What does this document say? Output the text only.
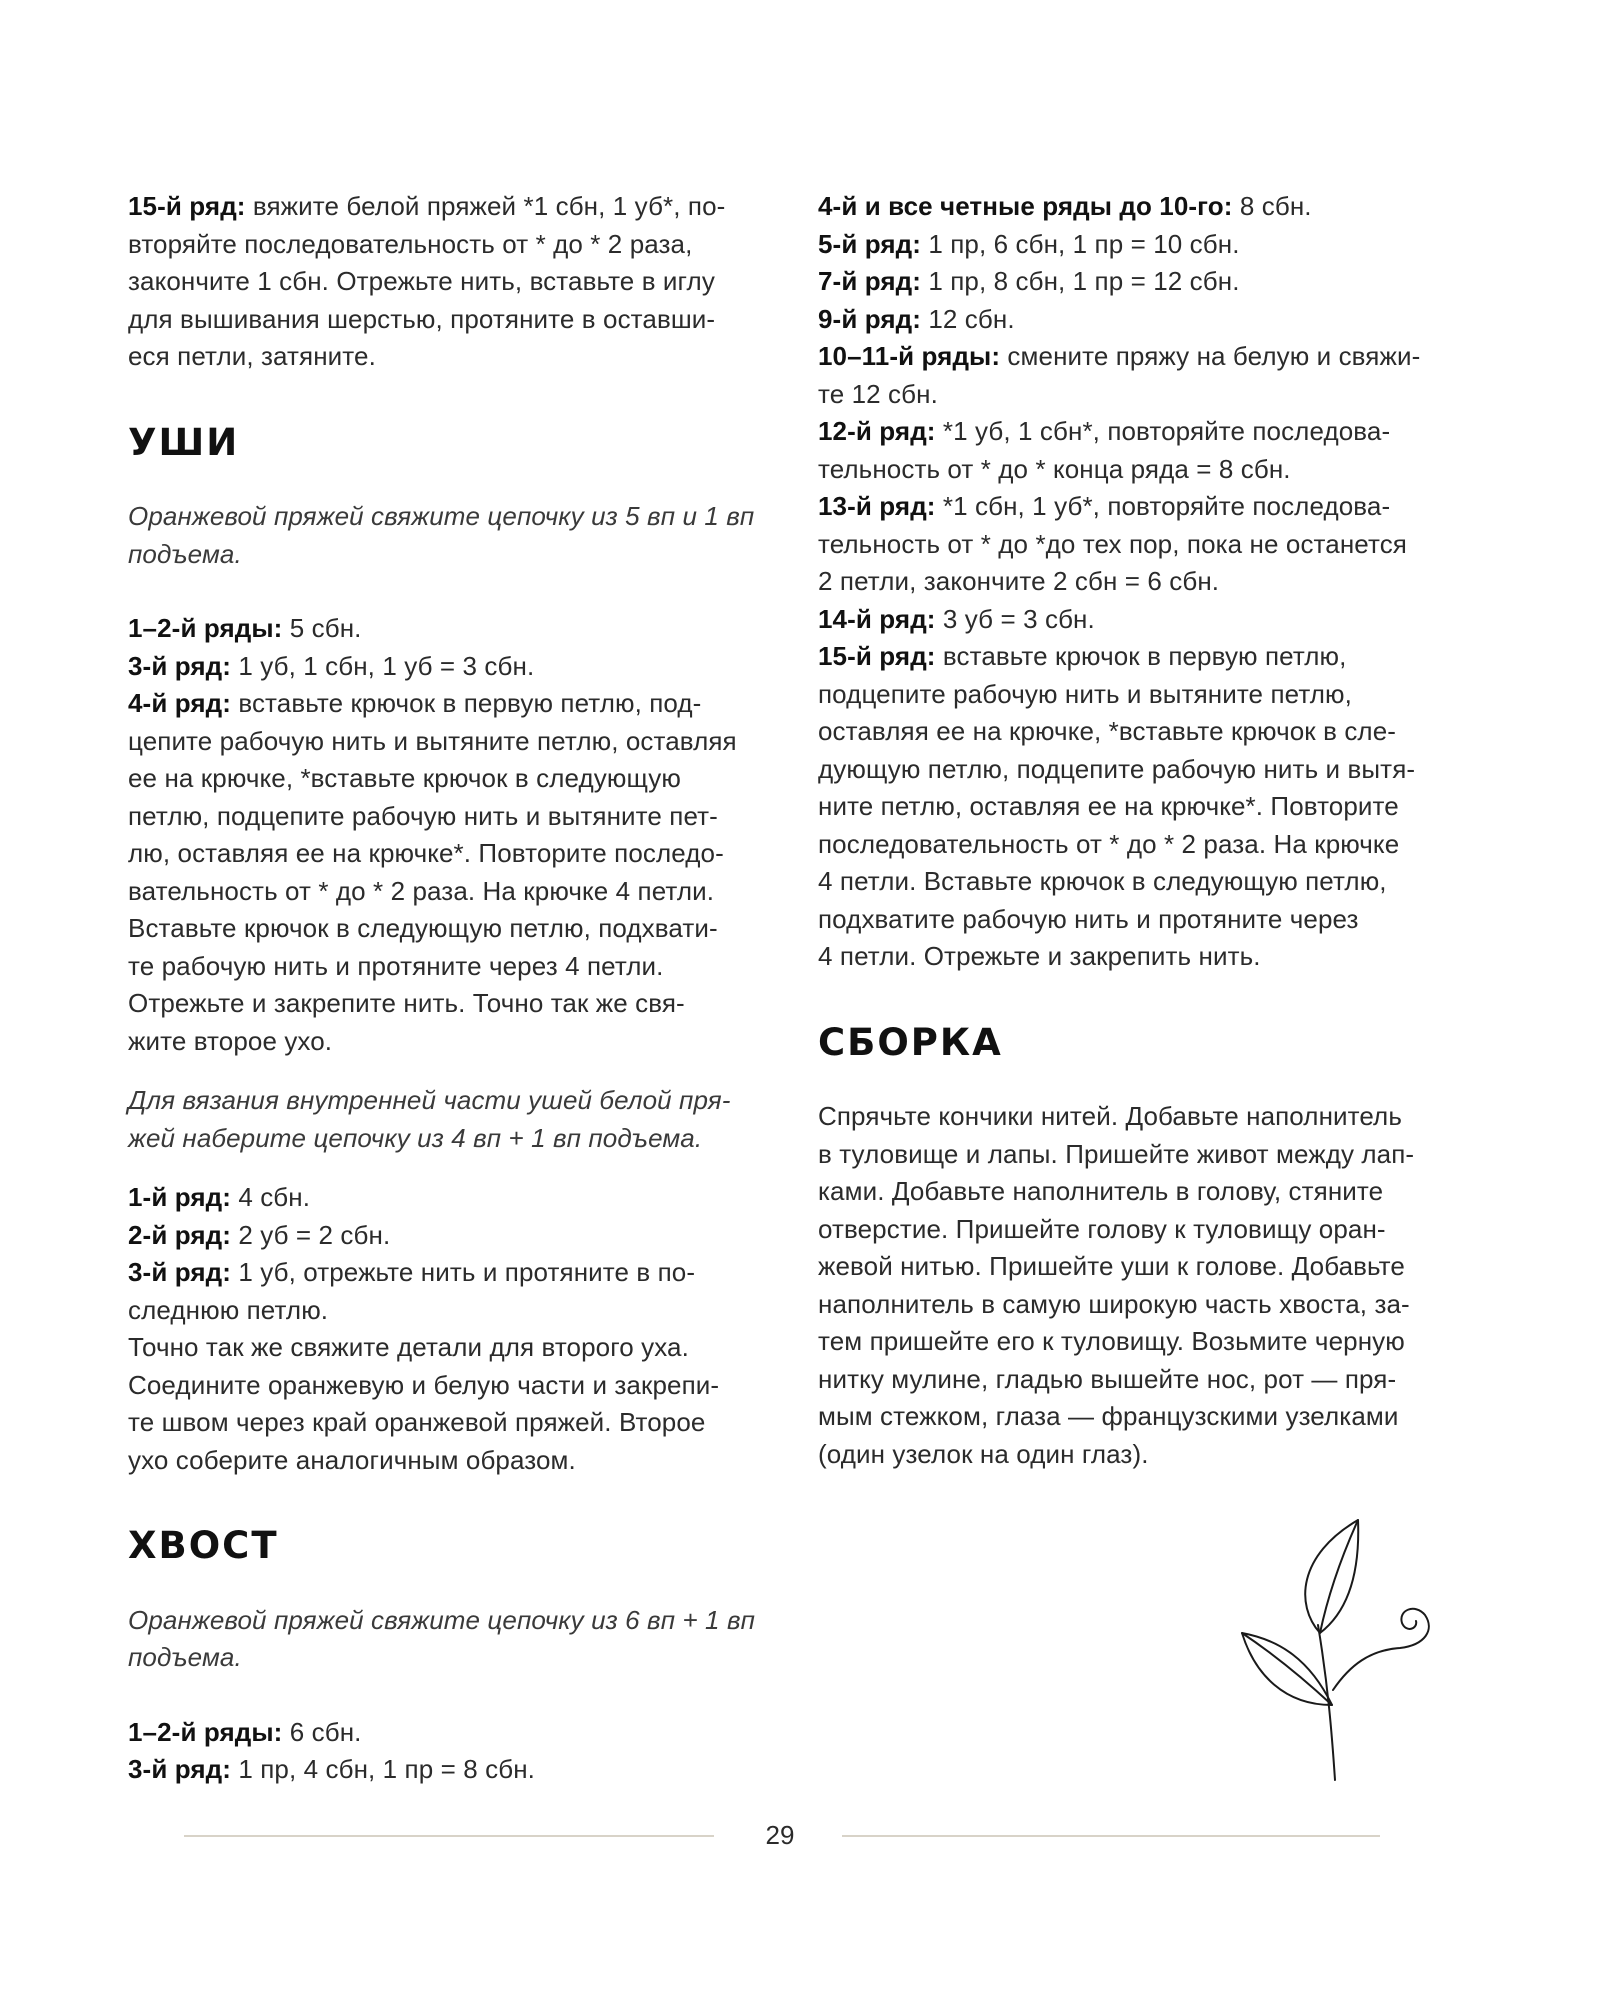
15-й ряд: вяжите белой пряжей *1 сбн, 1 уб*, по-
вторяйте последовательность от * до * 2 раза,
закончите 1 сбн. Отрежьте нить, вставьте в иглу
для вышивания шерстью, протяните в оставши-
еся петли, затяните.

УШИ

Оранжевой пряжей свяжите цепочку из 5 вп и 1 вп
подъема.

1–2-й ряды: 5 сбн.

3-й ряд: 1 уб, 1 сбн, 1 уб = 3 сбн.

4-й ряд: вставьте крючок в первую петлю, под-
цепите рабочую нить и вытяните петлю, оставляя
ее на крючке, *вставьте крючок в следующую
петлю, подцепите рабочую нить и вытяните пет-
лю, оставляя ее на крючке*. Повторите последо-
вательность от * до * 2 раза. На крючке 4 петли.
Вставьте крючок в следующую петлю, подхвати-
те рабочую нить и протяните через 4 петли.
Отрежьте и закрепите нить. Точно так же свя-
жите второе ухо.

Для вязания внутренней части ушей белой пря-
жей наберите цепочку из 4 вп + 1 вп подъема.

1-й ряд: 4 сбн.

2-й ряд: 2 уб = 2 сбн.

3-й ряд: 1 уб, отрежьте нить и протяните в по-
следнюю петлю.

Точно так же свяжите детали для второго уха.
Соедините оранжевую и белую части и закрепи-
те швом через край оранжевой пряжей. Второе
ухо соберите аналогичным образом.

ХВОСТ

Оранжевой пряжей свяжите цепочку из 6 вп + 1 вп
подъема.

1–2-й ряды: 6 сбн.

3-й ряд: 1 пр, 4 сбн, 1 пр = 8 сбн.

4-й и все четные ряды до 10-го: 8 сбн.

5-й ряд: 1 пр, 6 сбн, 1 пр = 10 сбн.

7-й ряд: 1 пр, 8 сбн, 1 пр = 12 сбн.

9-й ряд: 12 сбн.

10–11-й ряды: смените пряжу на белую и свяжи-
те 12 сбн.

12-й ряд: *1 уб, 1 сбн*, повторяйте последова-
тельность от * до * конца ряда = 8 сбн.

13-й ряд: *1 сбн, 1 уб*, повторяйте последова-
тельность от * до *до тех пор, пока не останется
2 петли, закончите 2 сбн = 6 сбн.

14-й ряд: 3 уб = 3 сбн.

15-й ряд: вставьте крючок в первую петлю,
подцепите рабочую нить и вытяните петлю,
оставляя ее на крючке, *вставьте крючок в сле-
дующую петлю, подцепите рабочую нить и вытя-
ните петлю, оставляя ее на крючке*. Повторите
последовательность от * до * 2 раза. На крючке
4 петли. Вставьте крючок в следующую петлю,
подхватите рабочую нить и протяните через
4 петли. Отрежьте и закрепить нить.

СБОРКА

Спрячьте кончики нитей. Добавьте наполнитель
в туловище и лапы. Пришейте живот между лап-
ками. Добавьте наполнитель в голову, стяните
отверстие. Пришейте голову к туловищу оран-
жевой нитью. Пришейте уши к голове. Добавьте
наполнитель в самую широкую часть хвоста, за-
тем пришейте его к туловищу. Возьмите черную
нитку мулине, гладью вышейте нос, рот — пря-
мым стежком, глаза — французскими узелками
(один узелок на один глаз).

29
